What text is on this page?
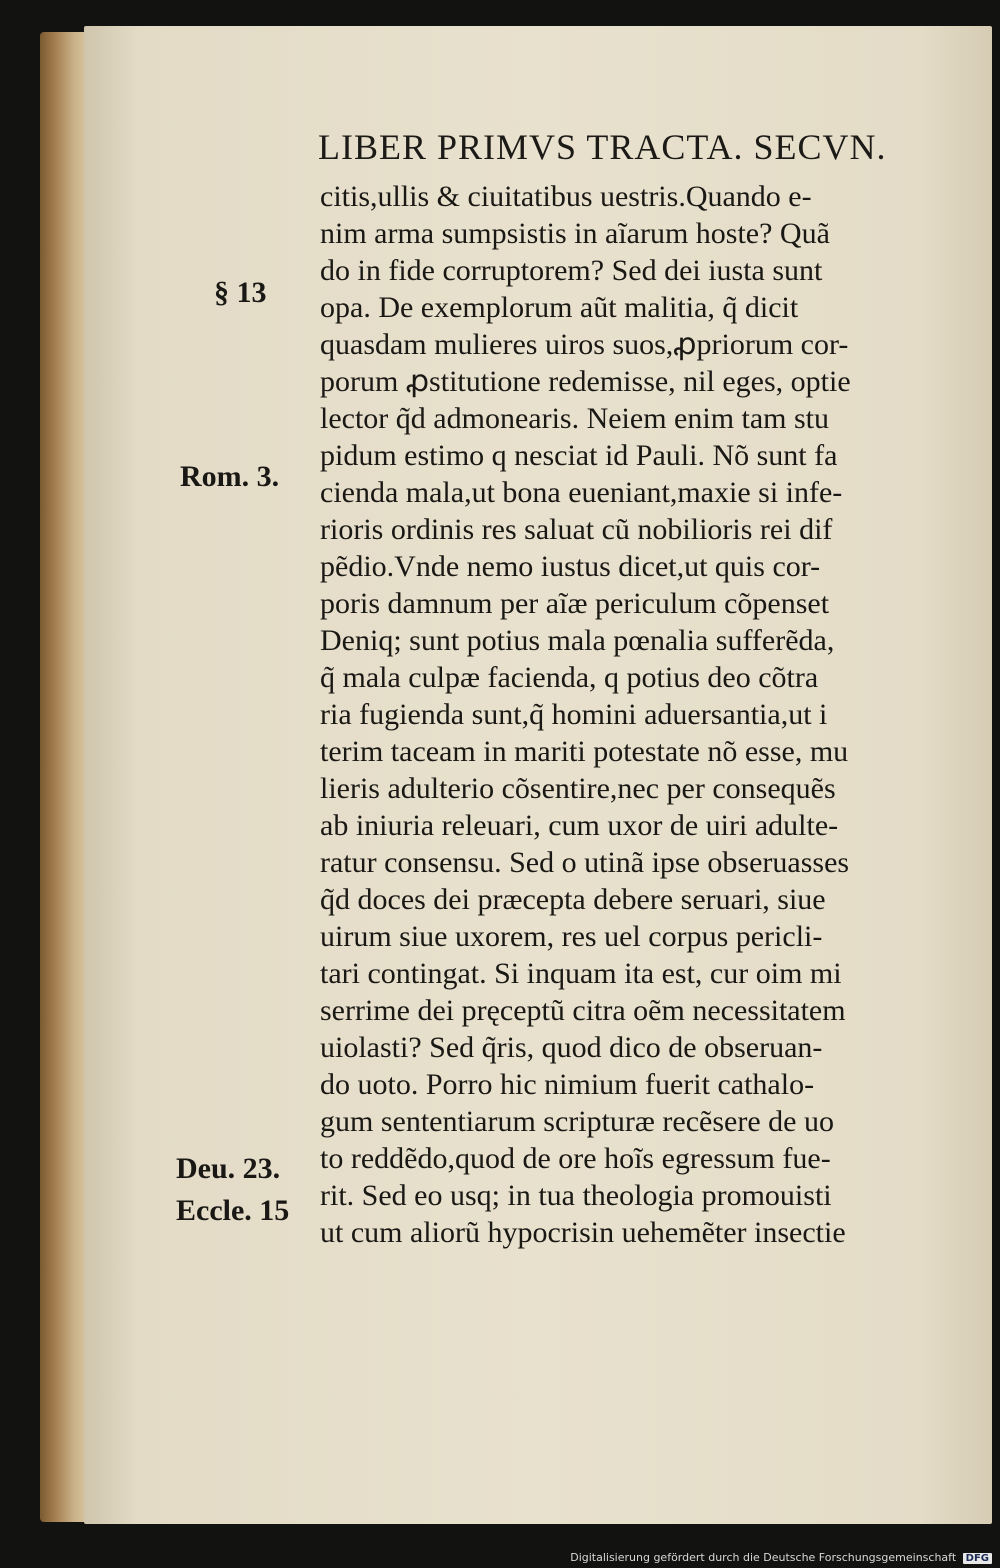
LIBER PRIMVS TRACTA. SECVN.
citis,ullis & ciuitatibus uestris.Quando e-
nim arma sumpsistis in aĩarum hoste? Quã
do in fide corruptorem? Sed dei iusta sunt
opa. De exemplorum aũt malitia, q̃ dicit
quasdam mulieres uiros suos,ꝓpriorum cor-
porum ꝓstitutione redemisse, nil eges, optie
lector q̃d admonearis. Neiem enim tam stu
pidum estimo q nesciat id Pauli. Nõ sunt fa
cienda mala,ut bona eueniant,maxie si infe-
rioris ordinis res saluat cũ nobilioris rei dif
pẽdio.Vnde nemo iustus dicet,ut quis cor-
poris damnum per aĩæ periculum cõpenset
Deniq; sunt potius mala pœnalia sufferẽda,
q̃ mala culpæ facienda, q potius deo cõtra
ria fugienda sunt,q̃ homini aduersantia,ut i
terim taceam in mariti potestate nõ esse, mu
lieris adulterio cõsentire,nec per consequẽs
ab iniuria releuari, cum uxor de uiri adulte-
ratur consensu. Sed o utinã ipse obseruasses
q̃d doces dei præcepta debere seruari, siue
uirum siue uxorem, res uel corpus pericli-
tari contingat. Si inquam ita est, cur oim mi
serrime dei pręceptũ citra oẽm necessitatem
uiolasti? Sed q̃ris, quod dico de obseruan-
do uoto. Porro hic nimium fuerit cathalo-
gum sententiarum scripturæ recẽsere de uo
to reddẽdo,quod de ore hoĩs egressum fue-
rit. Sed eo usq; in tua theologia promouisti
ut cum aliorũ hypocrisin uehemẽter insectie
§ 13
Rom. 3.
Deu. 23.
Eccle. 15
Digitalisierung gefördert durch die Deutsche Forschungsgemeinschaft DFG
